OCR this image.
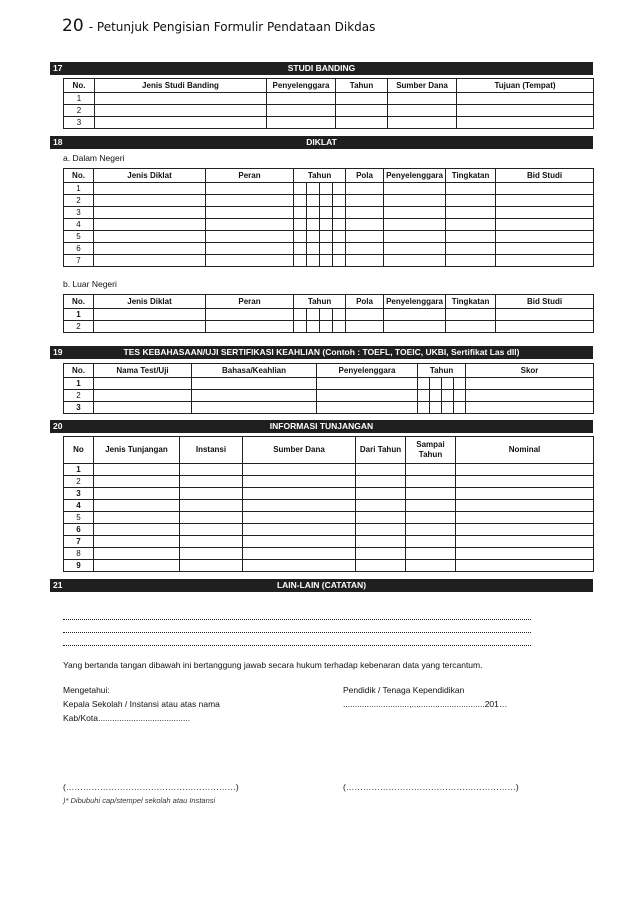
20 - Petunjuk Pengisian Formulir Pendataan Dikdas
17	STUDI BANDING
No.	Jenis Studi Banding	Penyelenggara	Tahun	Sumber Dana	Tujuan (Tempat)
1					
2					
3					
18	DIKLAT
a. Dalam Negeri
No.	Jenis Diklat	Peran	Tahun				Pola	Penyelenggara	Tingkatan	Bid Studi
1										
2										
3										
4										
5										
6										
7										
b. Luar Negeri
No.	Jenis Diklat	Peran	Tahun				Pola	Penyelenggara	Tingkatan	Bid Studi
1										
2										
19	TES KEBAHASAAN/UJI SERTIFIKASI KEAHLIAN (Contoh : TOEFL, TOEIC, UKBI, Sertifikat Las dll)
No.	Nama Test/Uji	Bahasa/Keahlian	Penyelenggara	Tahun				Skor
1								
2								
3								
20	INFORMASI TUNJANGAN
No	Jenis Tunjangan	Instansi	Sumber Dana	Dari Tahun	Sampai Tahun	Nominal
1						
2						
3						
4						
5						
6						
7						
8						
9						
21	LAIN-LAIN (CATATAN)
Yang bertanda tangan dibawah ini bertanggung jawab secara hukum terhadap kebenaran data yang tercantum.
Mengetahui:
Kepala Sekolah / Instansi atau atas nama
Kab/Kota.......................................
Pendidik / Tenaga Kependidikan
............................,...............................201…
(……………………………………………………)	(……………………………………………………)
)* Dibubuhi cap/stempel sekolah atau Instansi
